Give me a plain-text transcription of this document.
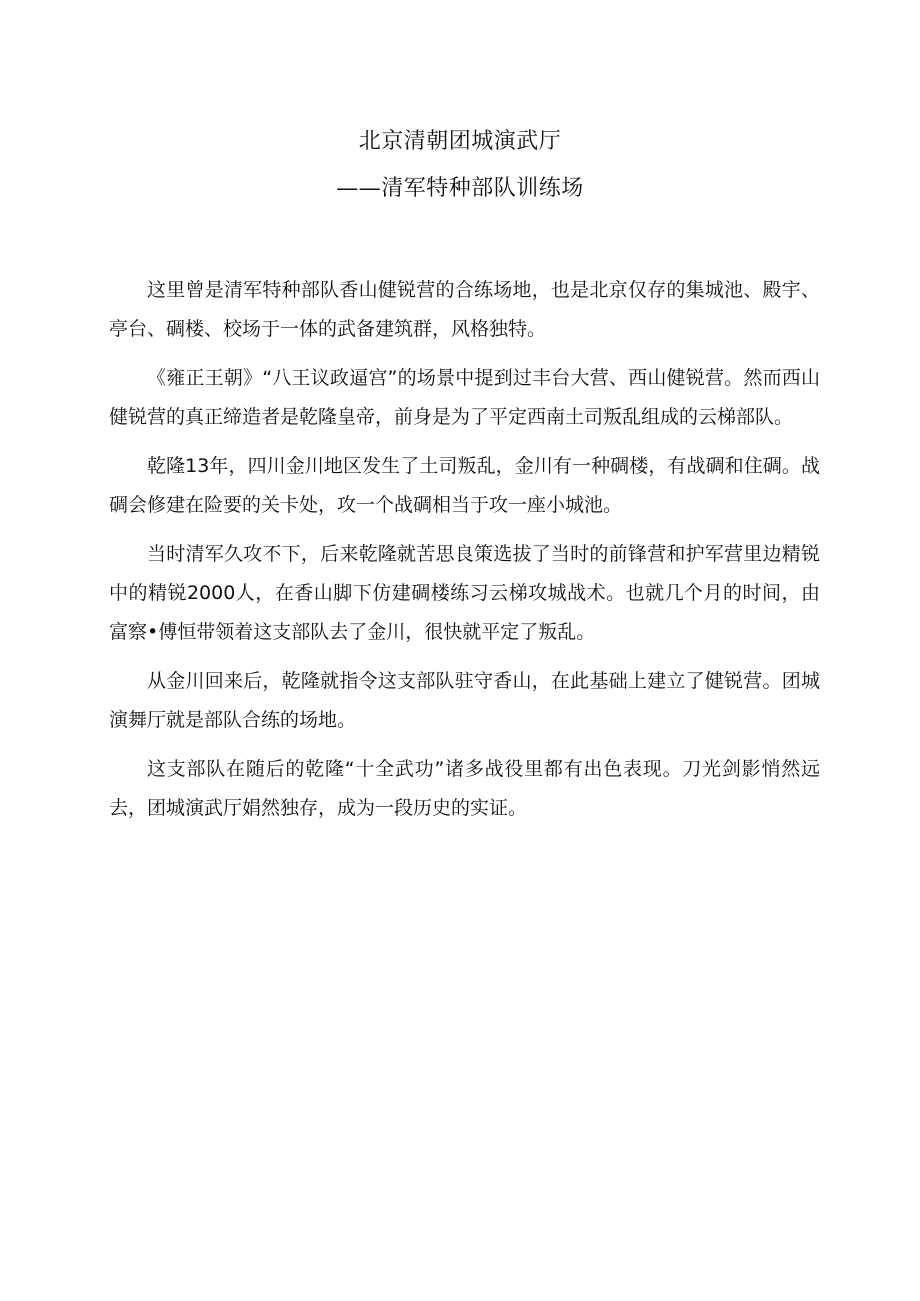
北京清朝团城演武厅
——清军特种部队训练场

这里曾是清军特种部队香山健锐营的合练场地，也是北京仅存的集城池、殿宇、亭台、碉楼、校场于一体的武备建筑群，风格独特。

《雍正王朝》“八王议政逼宫”的场景中提到过丰台大营、西山健锐营。然而西山健锐营的真正缔造者是乾隆皇帝，前身是为了平定西南土司叛乱组成的云梯部队。

乾隆13年，四川金川地区发生了土司叛乱，金川有一种碉楼，有战碉和住碉。战碉会修建在险要的关卡处，攻一个战碉相当于攻一座小城池。

当时清军久攻不下，后来乾隆就苦思良策选拔了当时的前锋营和护军营里边精锐中的精锐2000人，在香山脚下仿建碉楼练习云梯攻城战术。也就几个月的时间，由富察•傅恒带领着这支部队去了金川，很快就平定了叛乱。

从金川回来后，乾隆就指令这支部队驻守香山，在此基础上建立了健锐营。团城演舞厅就是部队合练的场地。

这支部队在随后的乾隆“十全武功”诸多战役里都有出色表现。刀光剑影悄然远去，团城演武厅娟然独存，成为一段历史的实证。
